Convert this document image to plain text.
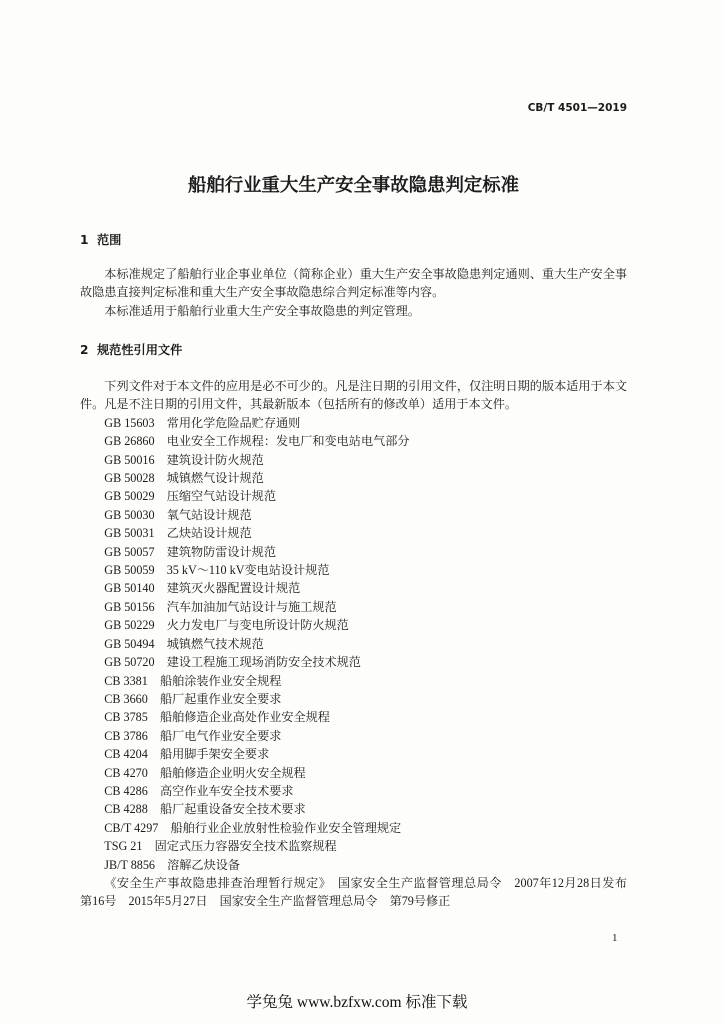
CB/T 4501—2019
船舶行业重大生产安全事故隐患判定标准
1 范围

本标准规定了船舶行业企事业单位（简称企业）重大生产安全事故隐患判定通则、重大生产安全事故隐患直接判定标准和重大生产安全事故隐患综合判定标准等内容。

本标准适用于船舶行业重大生产安全事故隐患的判定管理。

2 规范性引用文件

下列文件对于本文件的应用是必不可少的。凡是注日期的引用文件，仅注明日期的版本适用于本文件。凡是不注日期的引用文件，其最新版本（包括所有的修改单）适用于本文件。

GB 15603 常用化学危险品贮存通则
GB 26860 电业安全工作规程：发电厂和变电站电气部分
GB 50016 建筑设计防火规范
GB 50028 城镇燃气设计规范
GB 50029 压缩空气站设计规范
GB 50030 氧气站设计规范
GB 50031 乙炔站设计规范
GB 50057 建筑物防雷设计规范
GB 50059 35 kV～110 kV变电站设计规范
GB 50140 建筑灭火器配置设计规范
GB 50156 汽车加油加气站设计与施工规范
GB 50229 火力发电厂与变电所设计防火规范
GB 50494 城镇燃气技术规范
GB 50720 建设工程施工现场消防安全技术规范
CB 3381 船舶涂装作业安全规程
CB 3660 船厂起重作业安全要求
CB 3785 船舶修造企业高处作业安全规程
CB 3786 船厂电气作业安全要求
CB 4204 船用脚手架安全要求
CB 4270 船舶修造企业明火安全规程
CB 4286 高空作业车安全技术要求
CB 4288 船厂起重设备安全技术要求
CB/T 4297 船舶行业企业放射性检验作业安全管理规定
TSG 21 固定式压力容器安全技术监察规程
JB/T 8856 溶解乙炔设备
《安全生产事故隐患排查治理暂行规定》　国家安全生产监督管理总局令　2007年12月28日发布
第16号　2015年5月27日　国家安全生产监督管理总局令　第79号修正
1
学兔兔 www.bzfxw.com 标准下载
